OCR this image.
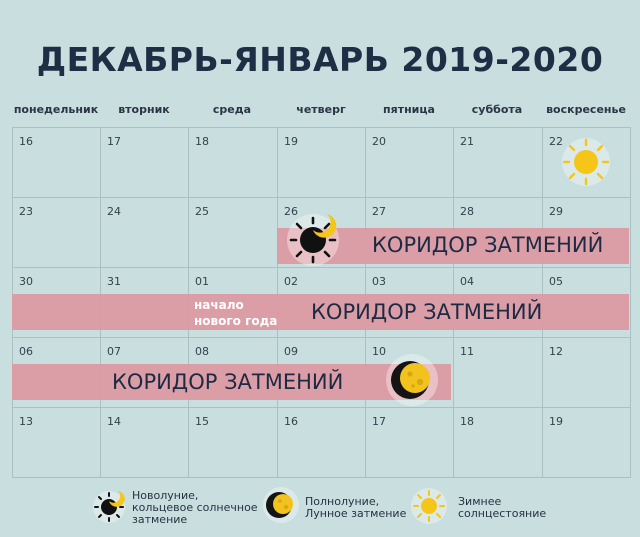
ДЕКАБРЬ-ЯНВАРЬ 2019-2020
понедельник	вторник	среда	четверг	пятница	суббота	воскресенье
16	17	18	19	20	21	22
23	24	25	26	27	28	29
30	31	01	02	03	04	05
06	07	08	09	10	11	12
13	14	15	16	17	18	19
КОРИДОР ЗАТМЕНИЙ
КОРИДОР ЗАТМЕНИЙ
КОРИДОР ЗАТМЕНИЙ
начало
нового года
Новолуние,
кольцевое солнечное
затмение
Полнолуние,
Лунное затмение
Зимнее
солнцестояние
